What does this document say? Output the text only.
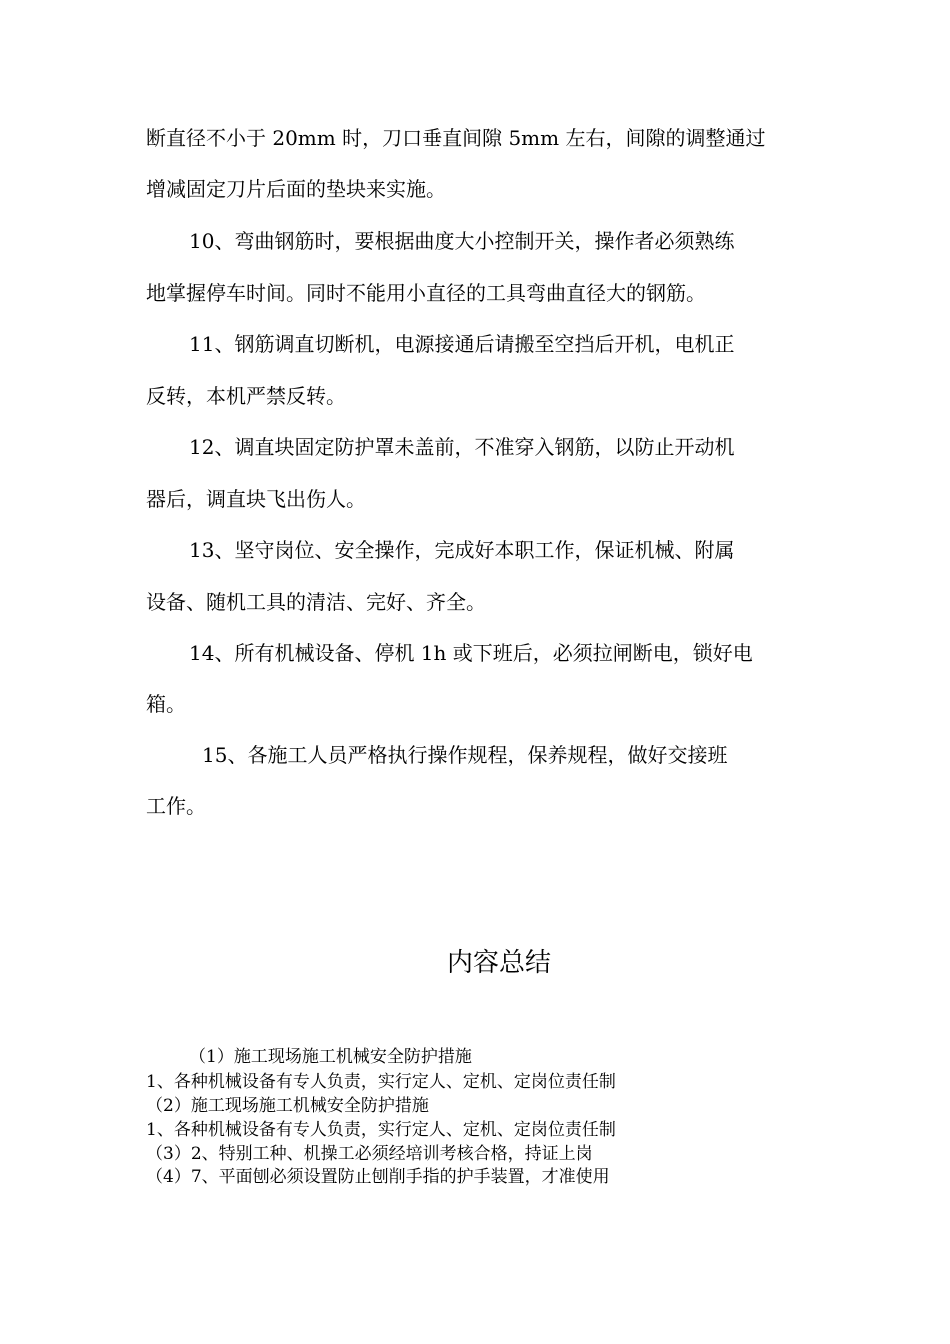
断直径不小于 20mm 时，刀口垂直间隙 5mm 左右，间隙的调整通过
增减固定刀片后面的垫块来实施。
10、弯曲钢筋时，要根据曲度大小控制开关，操作者必须熟练
地掌握停车时间。同时不能用小直径的工具弯曲直径大的钢筋。
11、钢筋调直切断机，电源接通后请搬至空挡后开机，电机正
反转，本机严禁反转。
12、调直块固定防护罩未盖前，不准穿入钢筋，以防止开动机
器后，调直块飞出伤人。
13、坚守岗位、安全操作，完成好本职工作，保证机械、附属
设备、随机工具的清洁、完好、齐全。
14、所有机械设备、停机 1h 或下班后，必须拉闸断电，锁好电
箱。
15、各施工人员严格执行操作规程，保养规程，做好交接班
工作。
内容总结
（1）施工现场施工机械安全防护措施
1、各种机械设备有专人负责，实行定人、定机、定岗位责任制
（2）施工现场施工机械安全防护措施
1、各种机械设备有专人负责，实行定人、定机、定岗位责任制
（3）2、特别工种、机操工必须经培训考核合格，持证上岗
（4）7、平面刨必须设置防止刨削手指的护手装置，才准使用
